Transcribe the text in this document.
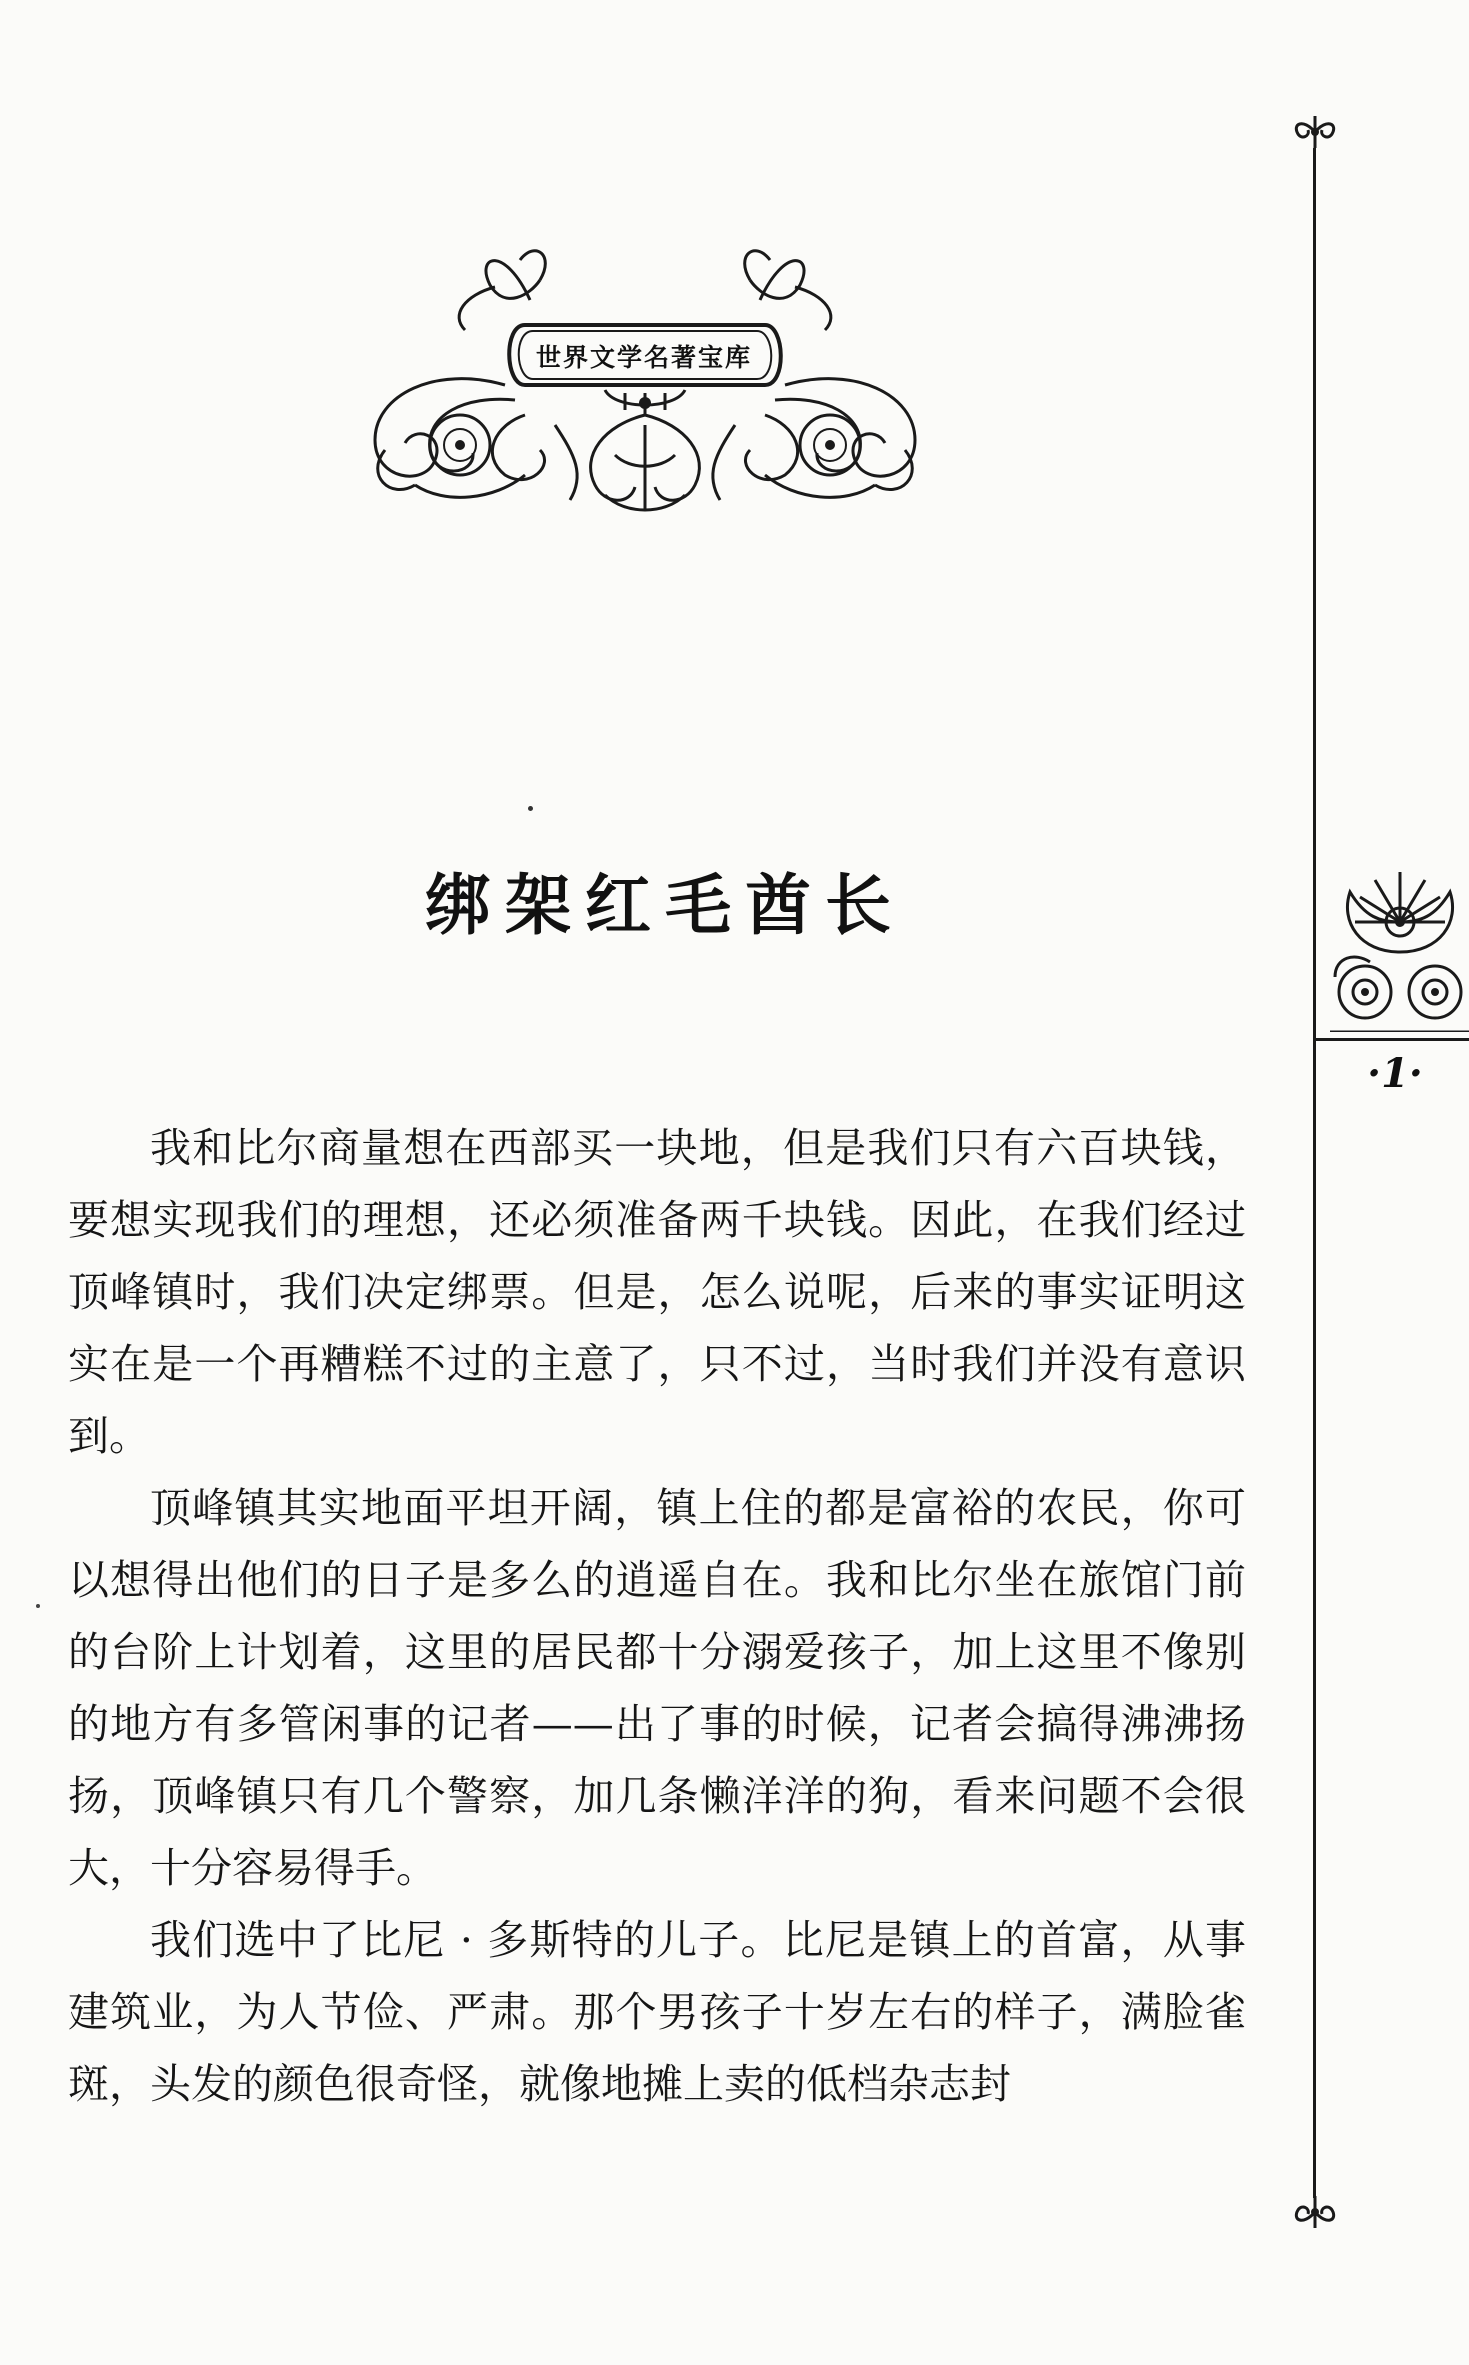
世界文学名著宝库
绑架红毛酋长

我和比尔商量想在西部买一块地，但是我们只有六百块钱，要想实现我们的理想，还必须准备两千块钱。因此，在我们经过顶峰镇时，我们决定绑票。但是，怎么说呢，后来的事实证明这实在是一个再糟糕不过的主意了，只不过，当时我们并没有意识到。

顶峰镇其实地面平坦开阔，镇上住的都是富裕的农民，你可以想得出他们的日子是多么的逍遥自在。我和比尔坐在旅馆门前的台阶上计划着，这里的居民都十分溺爱孩子，加上这里不像别的地方有多管闲事的记者——出了事的时候，记者会搞得沸沸扬扬，顶峰镇只有几个警察，加几条懒洋洋的狗，看来问题不会很大，十分容易得手。

我们选中了比尼 · 多斯特的儿子。比尼是镇上的首富，从事建筑业，为人节俭、严肃。那个男孩子十岁左右的样子，满脸雀斑，头发的颜色很奇怪，就像地摊上卖的低档杂志封

·1·
